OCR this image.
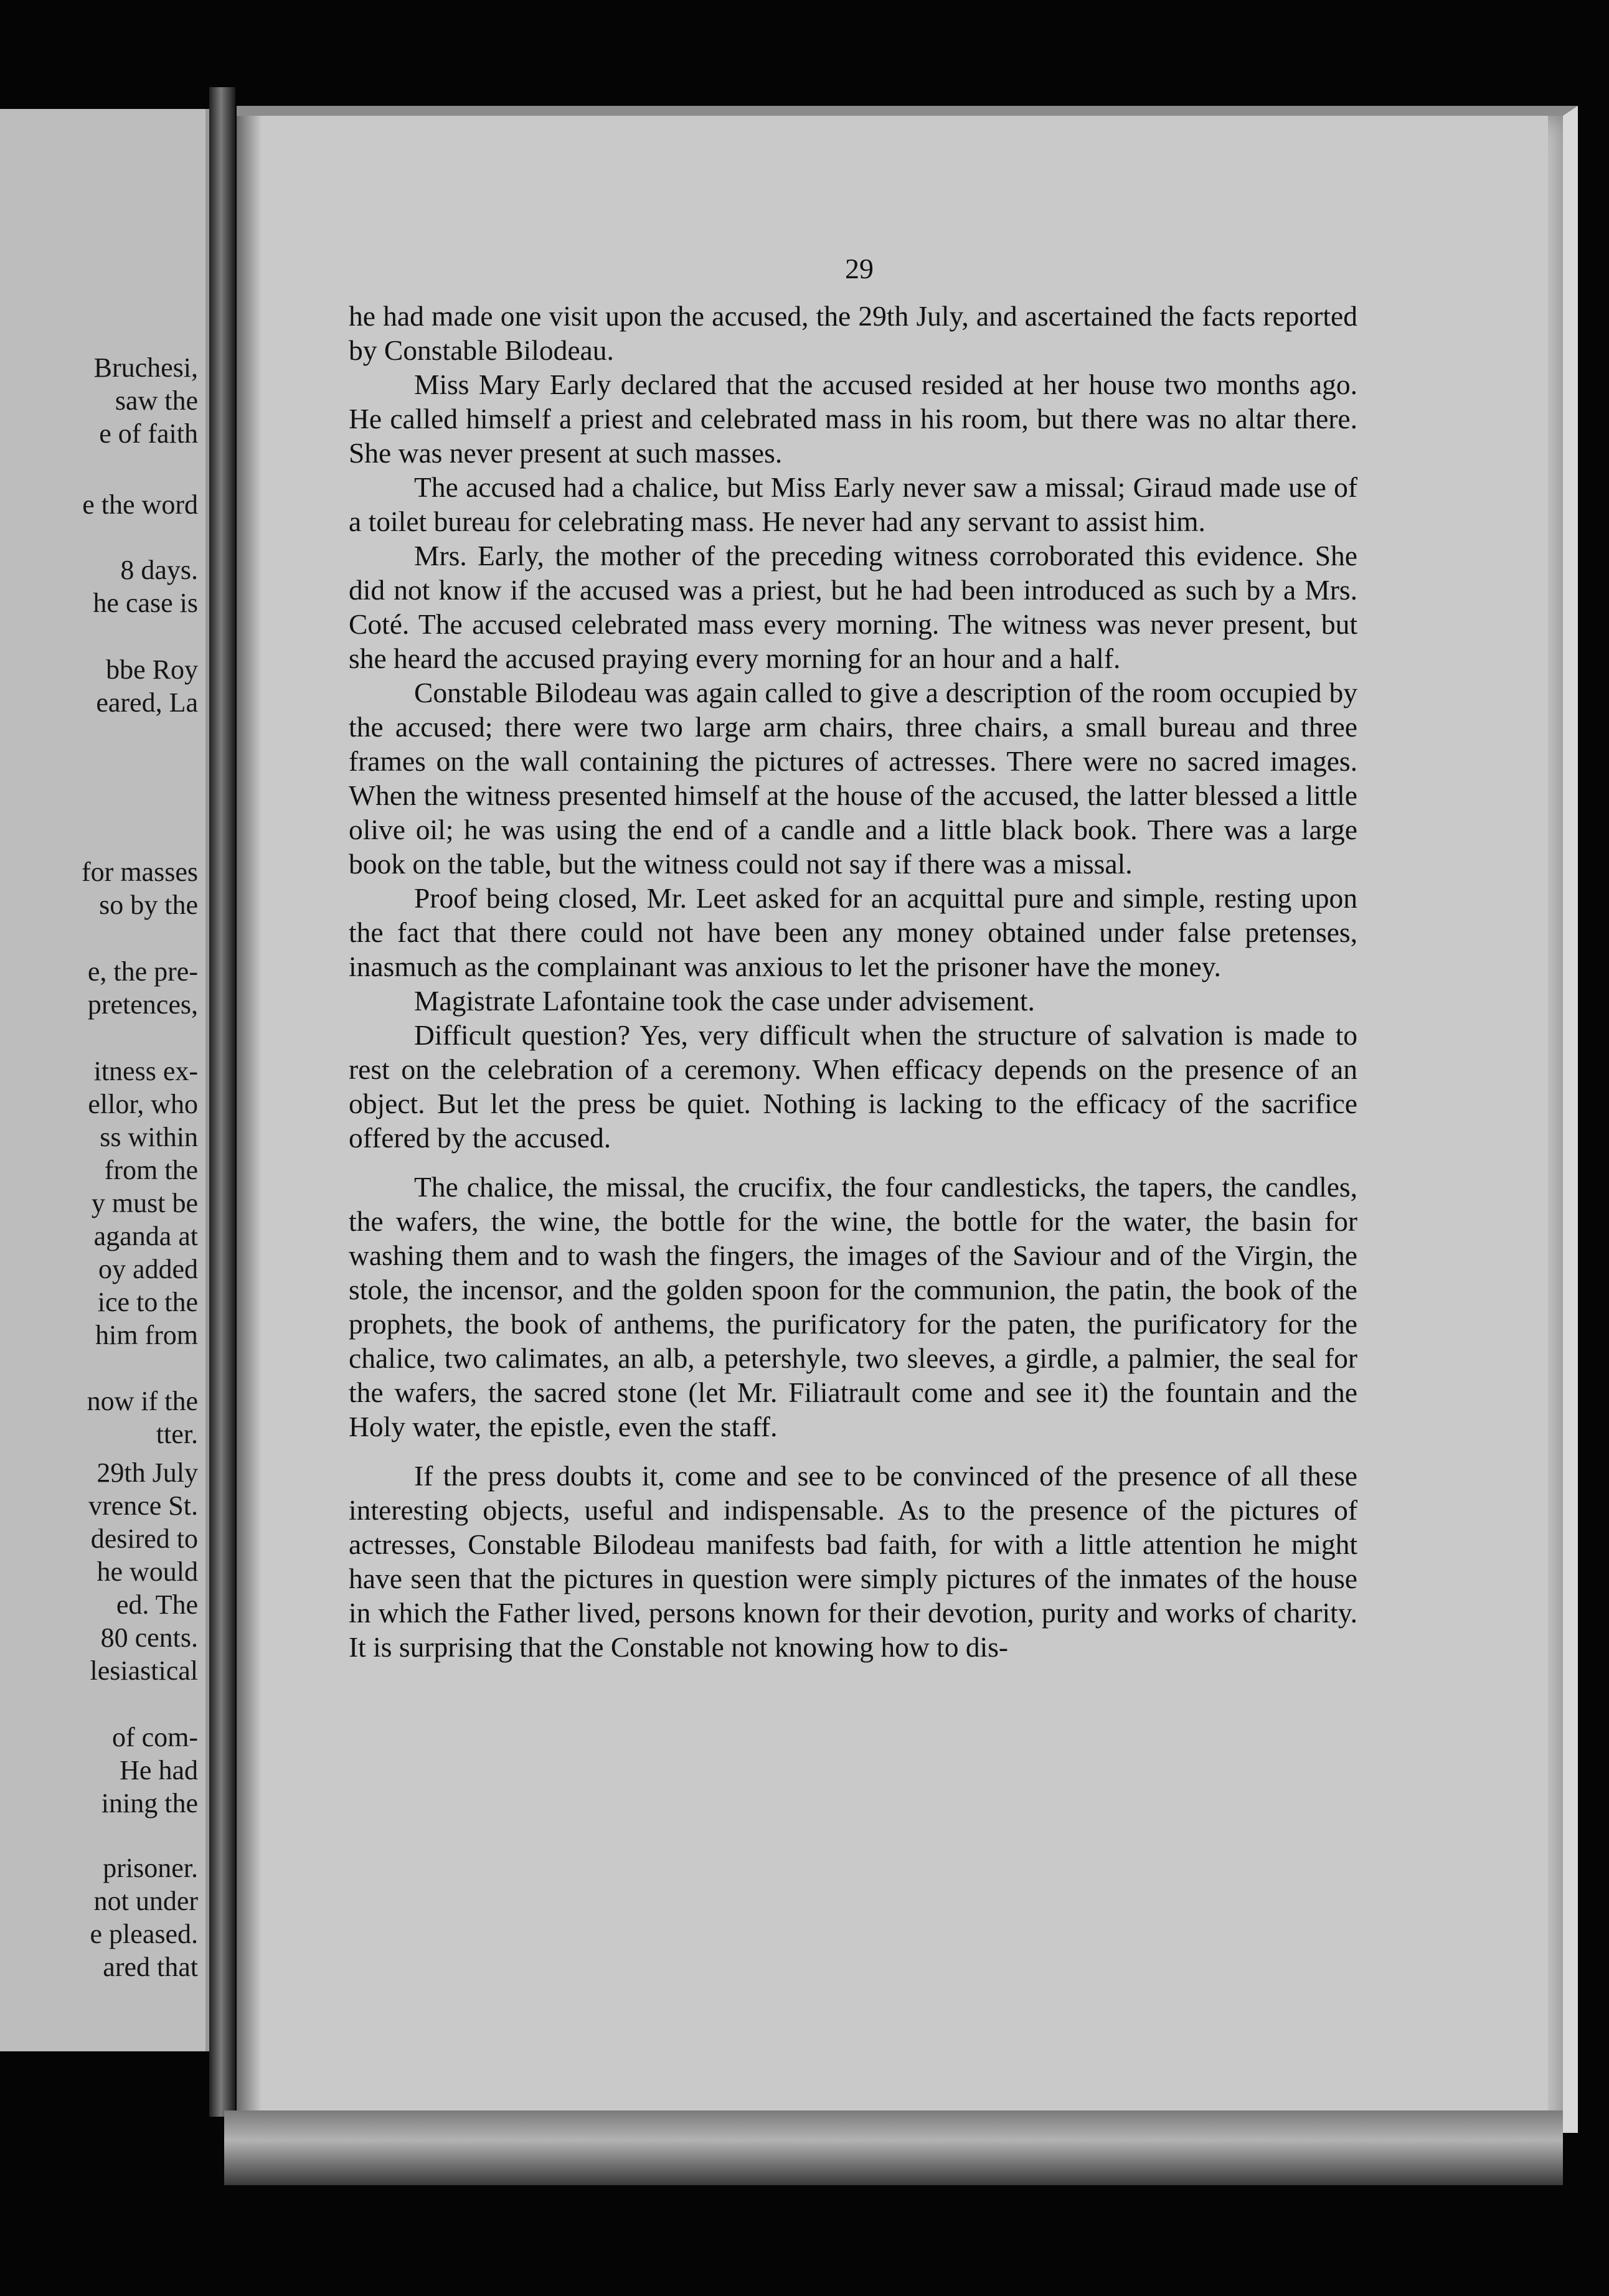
Bruchesi,
saw the
e of faith
e the word
8 days.
he case is
bbe Roy
eared, La
for masses
so by the
e, the pre-
pretences,
itness ex-
ellor, who
ss within
from the
y must be
aganda at
oy added
ice to the
him from
now if the
tter.
29th July
vrence St.
desired to
he would
ed. The
80 cents.
lesiastical
of com-
He had
ining the
prisoner.
not under
e pleased.
ared that
29

he had made one visit upon the accused, the 29th July, and ascertained the facts reported by Constable Bilodeau.

Miss Mary Early declared that the accused resided at her house two months ago. He called himself a priest and celebrated mass in his room, but there was no altar there. She was never present at such masses.

The accused had a chalice, but Miss Early never saw a missal; Giraud made use of a toilet bureau for celebrating mass. He never had any servant to assist him.

Mrs. Early, the mother of the preceding witness corroborated this evidence. She did not know if the accused was a priest, but he had been introduced as such by a Mrs. Coté. The accused celebrated mass every morning. The witness was never present, but she heard the accused praying every morning for an hour and a half.

Constable Bilodeau was again called to give a description of the room occupied by the accused; there were two large arm chairs, three chairs, a small bureau and three frames on the wall containing the pictures of actresses. There were no sacred images. When the witness presented himself at the house of the accused, the latter blessed a little olive oil; he was using the end of a candle and a little black book. There was a large book on the table, but the witness could not say if there was a missal.

Proof being closed, Mr. Leet asked for an acquittal pure and simple, resting upon the fact that there could not have been any money obtained under false pretenses, inasmuch as the complainant was anxious to let the prisoner have the money.

Magistrate Lafontaine took the case under advisement.

Difficult question? Yes, very difficult when the structure of salvation is made to rest on the celebration of a ceremony. When efficacy depends on the presence of an object. But let the press be quiet. Nothing is lacking to the efficacy of the sacrifice offered by the accused.

The chalice, the missal, the crucifix, the four candlesticks, the tapers, the candles, the wafers, the wine, the bottle for the wine, the bottle for the water, the basin for washing them and to wash the fingers, the images of the Saviour and of the Virgin, the stole, the incensor, and the golden spoon for the communion, the patin, the book of the prophets, the book of anthems, the purificatory for the paten, the purificatory for the chalice, two calimates, an alb, a petershyle, two sleeves, a girdle, a palmier, the seal for the wafers, the sacred stone (let Mr. Filiatrault come and see it) the fountain and the Holy water, the epistle, even the staff.

If the press doubts it, come and see to be convinced of the presence of all these interesting objects, useful and indispensable. As to the presence of the pictures of actresses, Constable Bilodeau manifests bad faith, for with a little attention he might have seen that the pictures in question were simply pictures of the inmates of the house in which the Father lived, persons known for their devotion, purity and works of charity. It is surprising that the Constable not knowing how to dis-
